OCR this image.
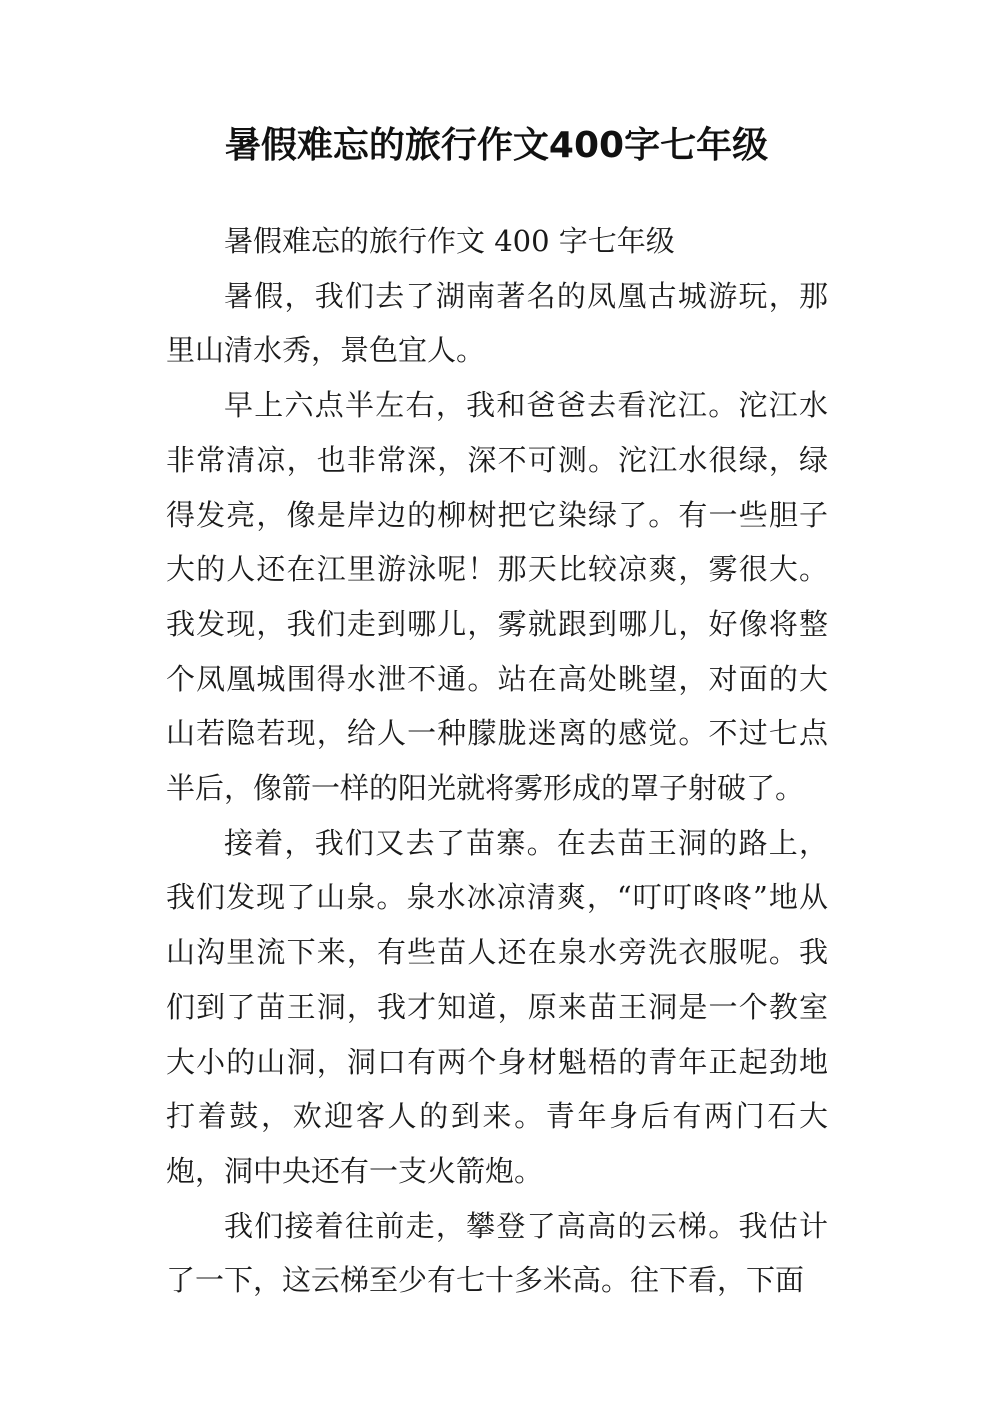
暑假难忘的旅行作文400字七年级

暑假难忘的旅行作文 400 字七年级

暑假，我们去了湖南著名的凤凰古城游玩，那里山清水秀，景色宜人。

早上六点半左右，我和爸爸去看沱江。沱江水非常清凉，也非常深，深不可测。沱江水很绿，绿得发亮，像是岸边的柳树把它染绿了。有一些胆子大的人还在江里游泳呢！那天比较凉爽，雾很大。我发现，我们走到哪儿，雾就跟到哪儿，好像将整个凤凰城围得水泄不通。站在高处眺望，对面的大山若隐若现，给人一种朦胧迷离的感觉。不过七点半后，像箭一样的阳光就将雾形成的罩子射破了。

接着，我们又去了苗寨。在去苗王洞的路上，我们发现了山泉。泉水冰凉清爽，“叮叮咚咚”地从山沟里流下来，有些苗人还在泉水旁洗衣服呢。我们到了苗王洞，我才知道，原来苗王洞是一个教室大小的山洞，洞口有两个身材魁梧的青年正起劲地打着鼓，欢迎客人的到来。青年身后有两门石大炮，洞中央还有一支火箭炮。

我们接着往前走，攀登了高高的云梯。我估计了一下，这云梯至少有七十多米高。往下看，下面
